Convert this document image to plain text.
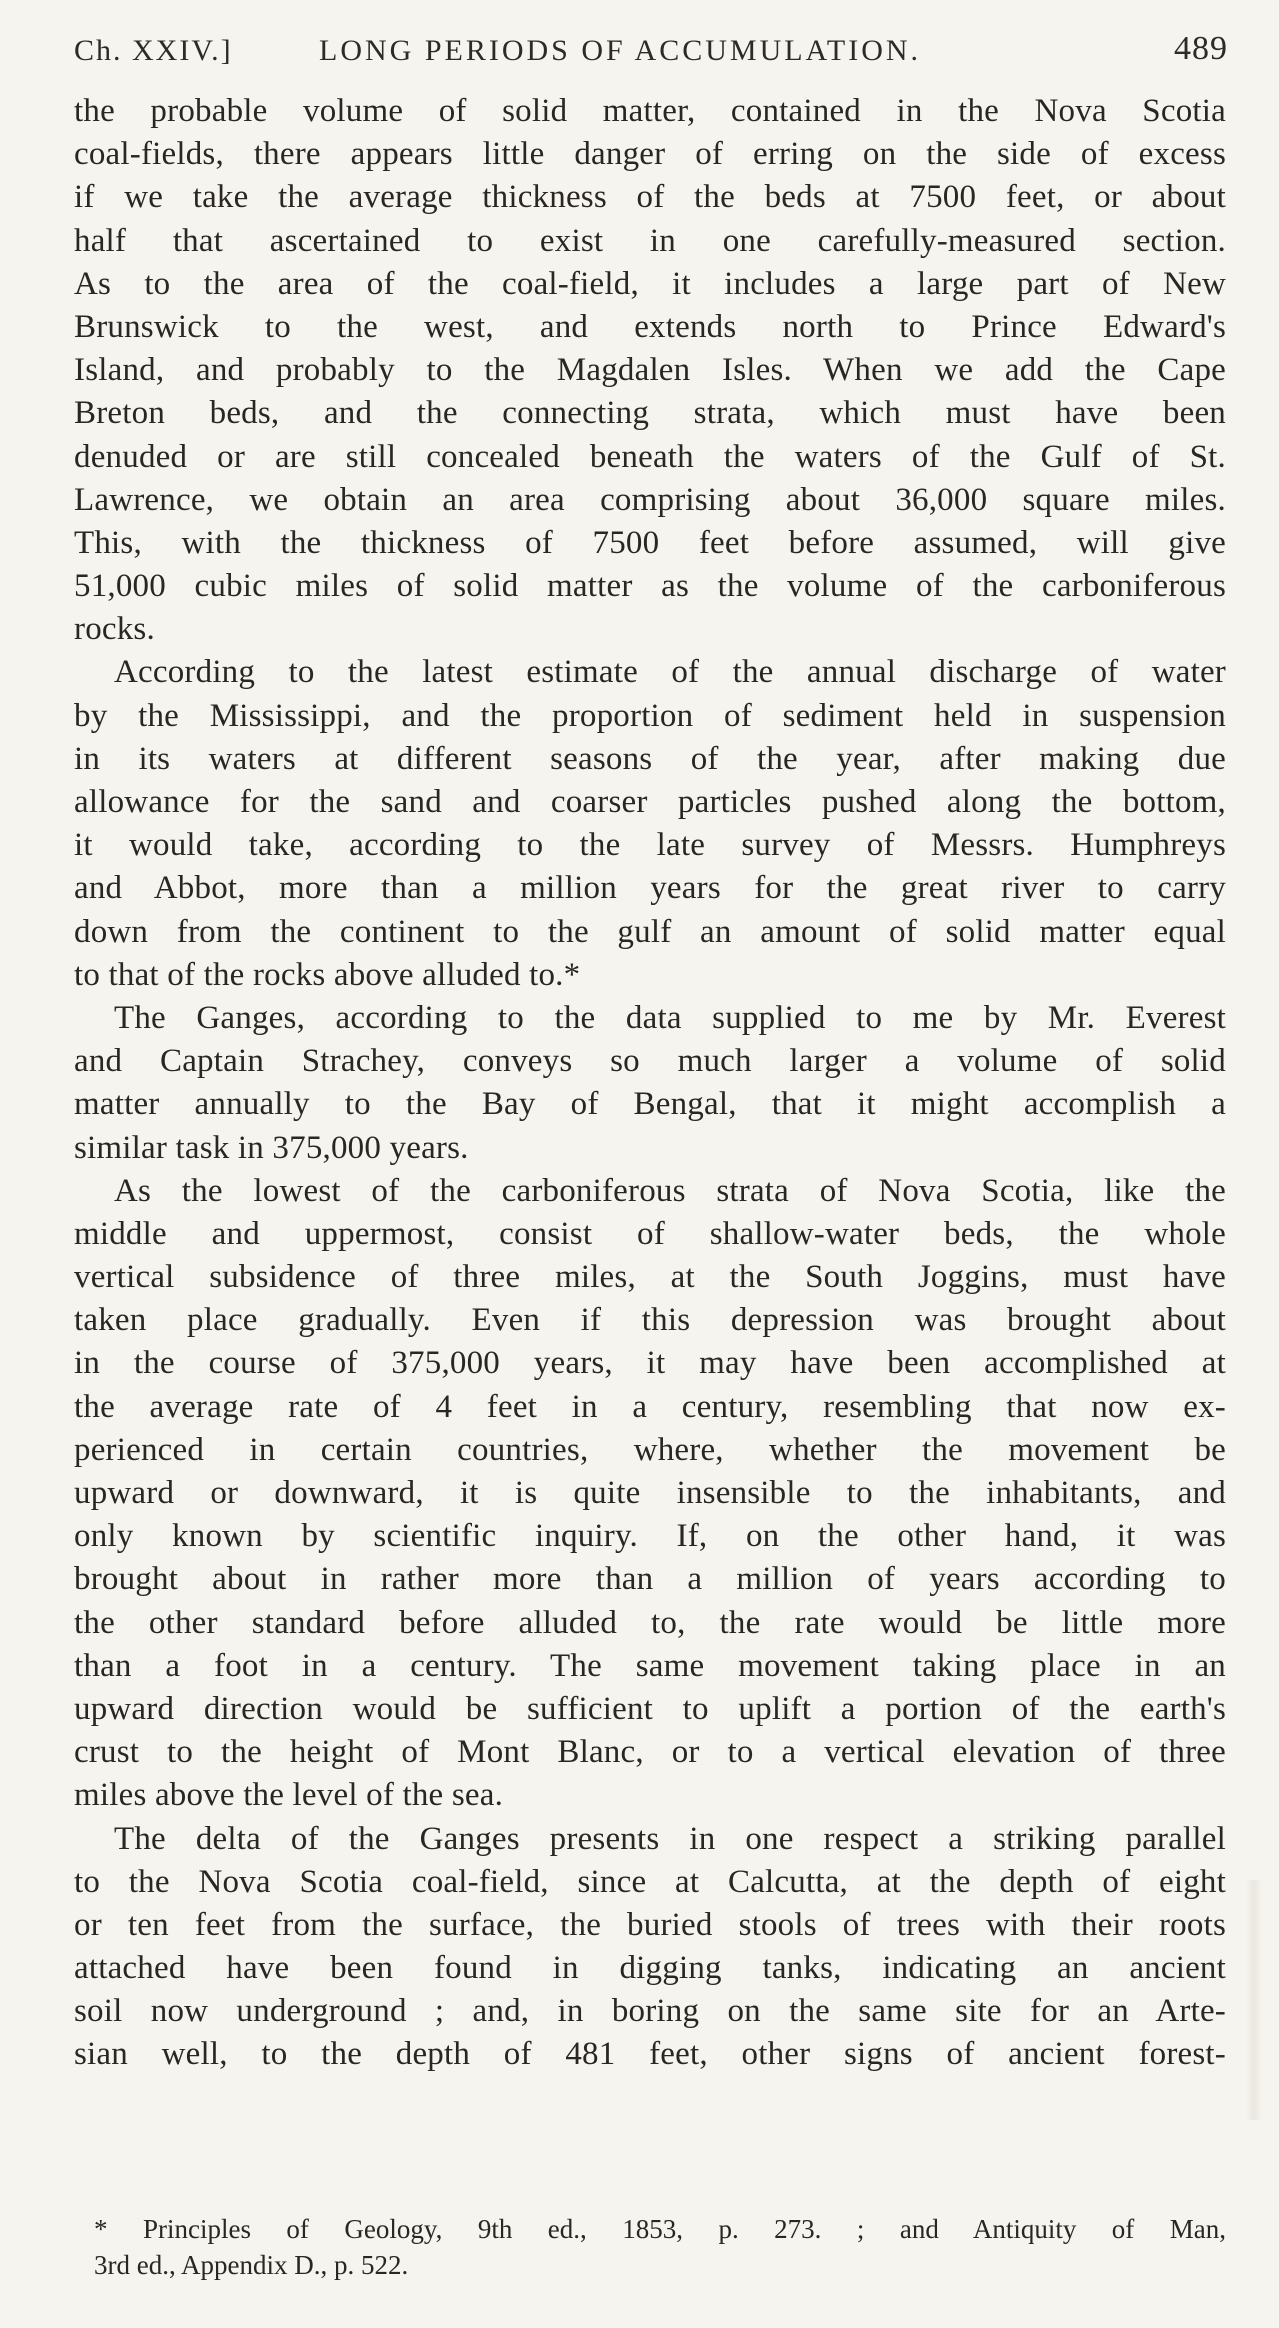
Ch. XXIV.]	LONG PERIODS OF ACCUMULATION.	489
the probable volume of solid matter, contained in the Nova Scotia
coal-fields, there appears little danger of erring on the side of excess
if we take the average thickness of the beds at 7500 feet, or about
half that ascertained to exist in one carefully-measured section.
As to the area of the coal-field, it includes a large part of New
Brunswick to the west, and extends north to Prince Edward's
Island, and probably to the Magdalen Isles. When we add the Cape
Breton beds, and the connecting strata, which must have been
denuded or are still concealed beneath the waters of the Gulf of St.
Lawrence, we obtain an area comprising about 36,000 square miles.
This, with the thickness of 7500 feet before assumed, will give
51,000 cubic miles of solid matter as the volume of the carboniferous
rocks.
According to the latest estimate of the annual discharge of water
by the Mississippi, and the proportion of sediment held in suspension
in its waters at different seasons of the year, after making due
allowance for the sand and coarser particles pushed along the bottom,
it would take, according to the late survey of Messrs. Humphreys
and Abbot, more than a million years for the great river to carry
down from the continent to the gulf an amount of solid matter equal
to that of the rocks above alluded to.*
The Ganges, according to the data supplied to me by Mr. Everest
and Captain Strachey, conveys so much larger a volume of solid
matter annually to the Bay of Bengal, that it might accomplish a
similar task in 375,000 years.
As the lowest of the carboniferous strata of Nova Scotia, like the
middle and uppermost, consist of shallow-water beds, the whole
vertical subsidence of three miles, at the South Joggins, must have
taken place gradually. Even if this depression was brought about
in the course of 375,000 years, it may have been accomplished at
the average rate of 4 feet in a century, resembling that now ex-
perienced in certain countries, where, whether the movement be
upward or downward, it is quite insensible to the inhabitants, and
only known by scientific inquiry. If, on the other hand, it was
brought about in rather more than a million of years according to
the other standard before alluded to, the rate would be little more
than a foot in a century. The same movement taking place in an
upward direction would be sufficient to uplift a portion of the earth's
crust to the height of Mont Blanc, or to a vertical elevation of three
miles above the level of the sea.
The delta of the Ganges presents in one respect a striking parallel
to the Nova Scotia coal-field, since at Calcutta, at the depth of eight
or ten feet from the surface, the buried stools of trees with their roots
attached have been found in digging tanks, indicating an ancient
soil now underground ; and, in boring on the same site for an Arte-
sian well, to the depth of 481 feet, other signs of ancient forest-
* Principles of Geology, 9th ed., 1853, p. 273. ; and Antiquity of Man,
3rd ed., Appendix D., p. 522.
